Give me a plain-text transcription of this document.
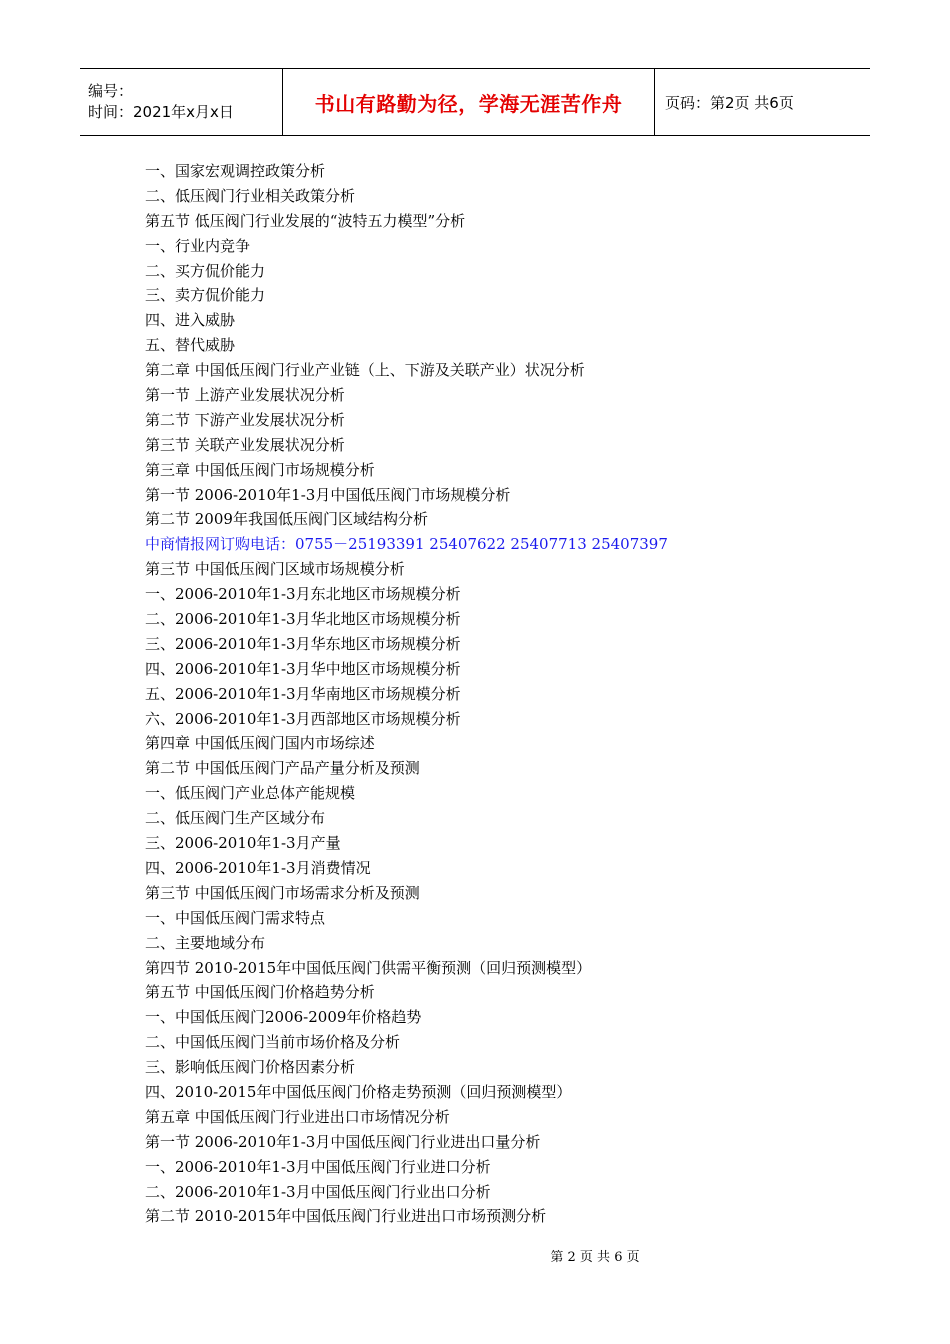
编号：
时间：2021年x月x日	书山有路勤为径，学海无涯苦作舟	页码：第2页 共6页
一、国家宏观调控政策分析
二、低压阀门行业相关政策分析
第五节 低压阀门行业发展的“波特五力模型”分析
一、行业内竞争
二、买方侃价能力
三、卖方侃价能力
四、进入威胁
五、替代威胁
第二章 中国低压阀门行业产业链（上、下游及关联产业）状况分析
第一节 上游产业发展状况分析
第二节 下游产业发展状况分析
第三节 关联产业发展状况分析
第三章 中国低压阀门市场规模分析
第一节 2006-2010年1-3月中国低压阀门市场规模分析
第二节 2009年我国低压阀门区域结构分析
中商情报网订购电话：0755－25193391 25407622 25407713 25407397
第三节 中国低压阀门区域市场规模分析
一、2006-2010年1-3月东北地区市场规模分析
二、2006-2010年1-3月华北地区市场规模分析
三、2006-2010年1-3月华东地区市场规模分析
四、2006-2010年1-3月华中地区市场规模分析
五、2006-2010年1-3月华南地区市场规模分析
六、2006-2010年1-3月西部地区市场规模分析
第四章 中国低压阀门国内市场综述
第二节 中国低压阀门产品产量分析及预测
一、低压阀门产业总体产能规模
二、低压阀门生产区域分布
三、2006-2010年1-3月产量
四、2006-2010年1-3月消费情况
第三节 中国低压阀门市场需求分析及预测
一、中国低压阀门需求特点
二、主要地域分布
第四节 2010-2015年中国低压阀门供需平衡预测（回归预测模型）
第五节 中国低压阀门价格趋势分析
一、中国低压阀门2006-2009年价格趋势
二、中国低压阀门当前市场价格及分析
三、影响低压阀门价格因素分析
四、2010-2015年中国低压阀门价格走势预测（回归预测模型）
第五章 中国低压阀门行业进出口市场情况分析
第一节 2006-2010年1-3月中国低压阀门行业进出口量分析
一、2006-2010年1-3月中国低压阀门行业进口分析
二、2006-2010年1-3月中国低压阀门行业出口分析
第二节 2010-2015年中国低压阀门行业进出口市场预测分析
第 2 页 共 6 页
